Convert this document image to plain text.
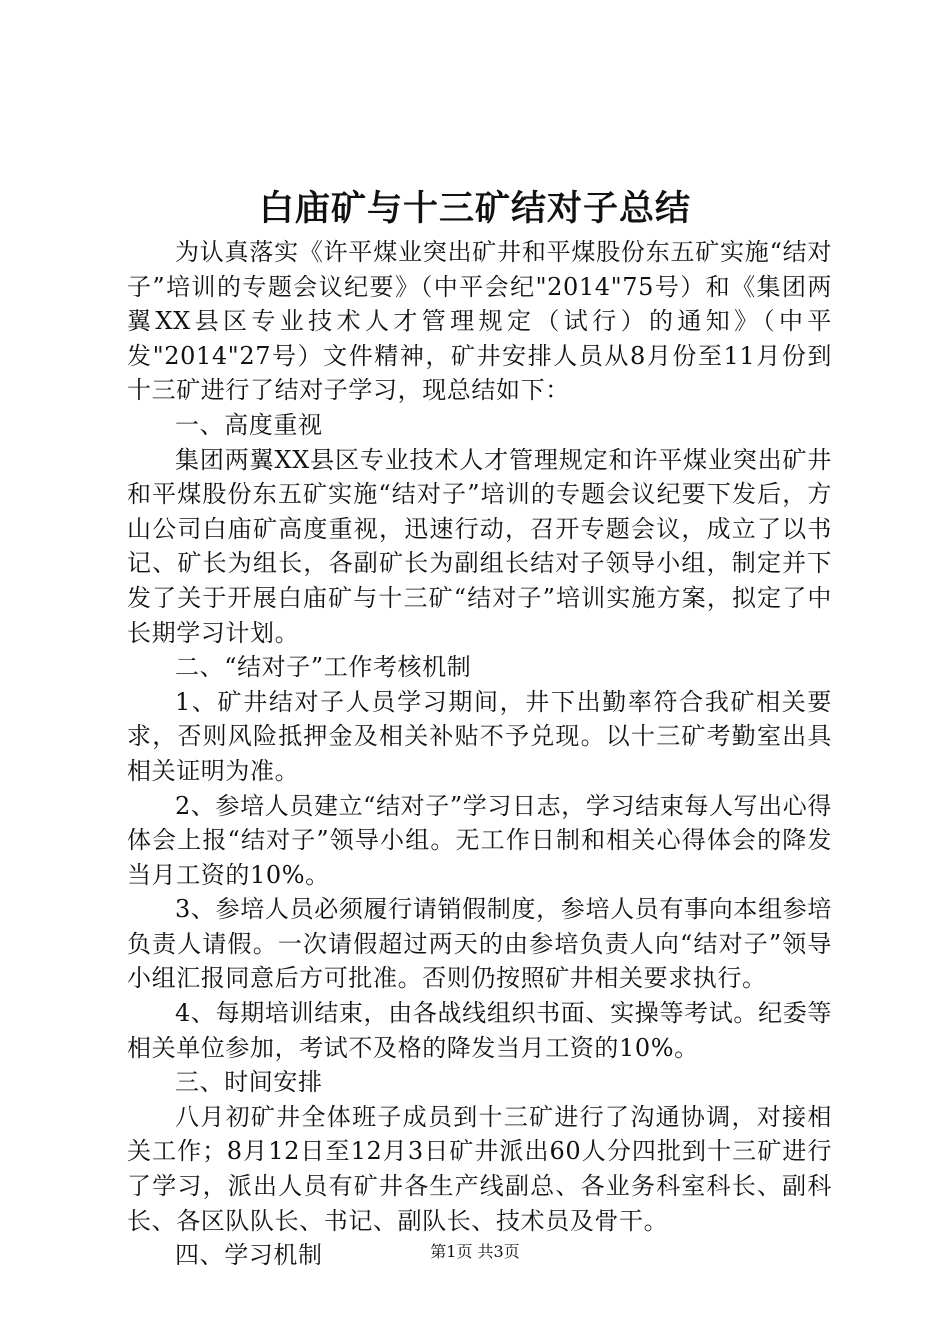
白庙矿与十三矿结对子总结

为认真落实《许平煤业突出矿井和平煤股份东五矿实施“结对子”培训的专题会议纪要》（中平会纪"2014"75号）和《集团两翼XX县区专业技术人才管理规定（试行）的通知》（中平发"2014"27号）文件精神，矿井安排人员从8月份至11月份到十三矿进行了结对子学习，现总结如下：

一、高度重视

集团两翼XX县区专业技术人才管理规定和许平煤业突出矿井和平煤股份东五矿实施“结对子”培训的专题会议纪要下发后，方山公司白庙矿高度重视，迅速行动，召开专题会议，成立了以书记、矿长为组长，各副矿长为副组长结对子领导小组，制定并下发了关于开展白庙矿与十三矿“结对子”培训实施方案，拟定了中长期学习计划。

二、“结对子”工作考核机制

1、矿井结对子人员学习期间，井下出勤率符合我矿相关要求，否则风险抵押金及相关补贴不予兑现。以十三矿考勤室出具相关证明为准。

2、参培人员建立“结对子”学习日志，学习结束每人写出心得体会上报“结对子”领导小组。无工作日制和相关心得体会的降发当月工资的10%。

3、参培人员必须履行请销假制度，参培人员有事向本组参培负责人请假。一次请假超过两天的由参培负责人向“结对子”领导小组汇报同意后方可批准。否则仍按照矿井相关要求执行。

4、每期培训结束，由各战线组织书面、实操等考试。纪委等相关单位参加，考试不及格的降发当月工资的10%。

三、时间安排

八月初矿井全体班子成员到十三矿进行了沟通协调，对接相关工作；8月12日至12月3日矿井派出60人分四批到十三矿进行了学习，派出人员有矿井各生产线副总、各业务科室科长、副科长、各区队队长、书记、副队长、技术员及骨干。

四、学习机制	第1页 共3页
